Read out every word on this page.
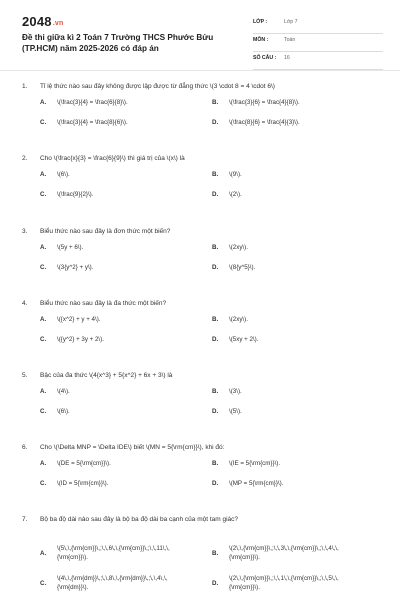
2048.vn
Đề thi giữa kì 2 Toán 7 Trường THCS Phước Bửu (TP.HCM) năm 2025-2026 có đáp án
LỚP :	Lớp 7
MÔN :	Toán
SỐ CÂU : 16
1. Tỉ lệ thức nào sau đây không được lập được từ đẳng thức \(3 \cdot 8 = 4 \cdot 6\)
A. \(\frac{3}{4} = \frac{6}{8}\).	B. \(\frac{3}{6} = \frac{4}{8}\).
C. \(\frac{3}{4} = \frac{8}{6}\).	D. \(\frac{8}{6} = \frac{4}{3}\).
2. Cho \(\frac{x}{3} = \frac{6}{9}\) thì giá trị của \(x\) là
A. \(6\).	B. \(9\).
C. \(\frac{9}{2}\).	D. \(2\).
3. Biểu thức nào sau đây là đơn thức một biến?
A. \(5y + 6\).	B. \(2xy\).
C. \(3{y^2} + y\).	D. \(8{y^5}\).
4. Biểu thức nào sau đây là đa thức một biến?
A. \({x^2} + y + 4\).	B. \(2xy\).
C. \({y^2} + 3y + 2\).	D. \(5xy + 2\).
5. Bậc của đa thức \(4{x^3} + 5{x^2} + 6x + 3\) là
A. \(4\).	B. \(3\).
C. \(6\).	D. \(5\).
6. Cho \(\Delta MNP = \Delta IDE\) biết \(MN = 5{\rm{cm}}\), khi đó:
A. \(DE = 5{\rm{cm}}\).	B. \(IE = 5{\rm{cm}}\).
C. \(ID = 5{\rm{cm}}\).	D. \(MP = 5{\rm{cm}}\).
7. Bộ ba độ dài nào sau đây là bộ ba độ dài ba cạnh của một tam giác?
A.
\(5\,\,{\rm{cm}}\,;\,\,6\,\,{\rm{cm}}\,;\,\,11\,\,{\rm{cm}}\).
B.
\(2\,\,{\rm{cm}}\,;\,\,3\,\,{\rm{cm}}\,;\,\,4\,\,{\rm{cm}}\).
C.
\(4\,\,{\rm{dm}}\,;\,\,8\,\,{\rm{dm}}\,;\,\,4\,\,{\rm{dm}}\).
D.
\(2\,\,{\rm{cm}}\,;\,\,1\,\,{\rm{cm}}\,;\,\,5\,\,{\rm{cm}}\).
